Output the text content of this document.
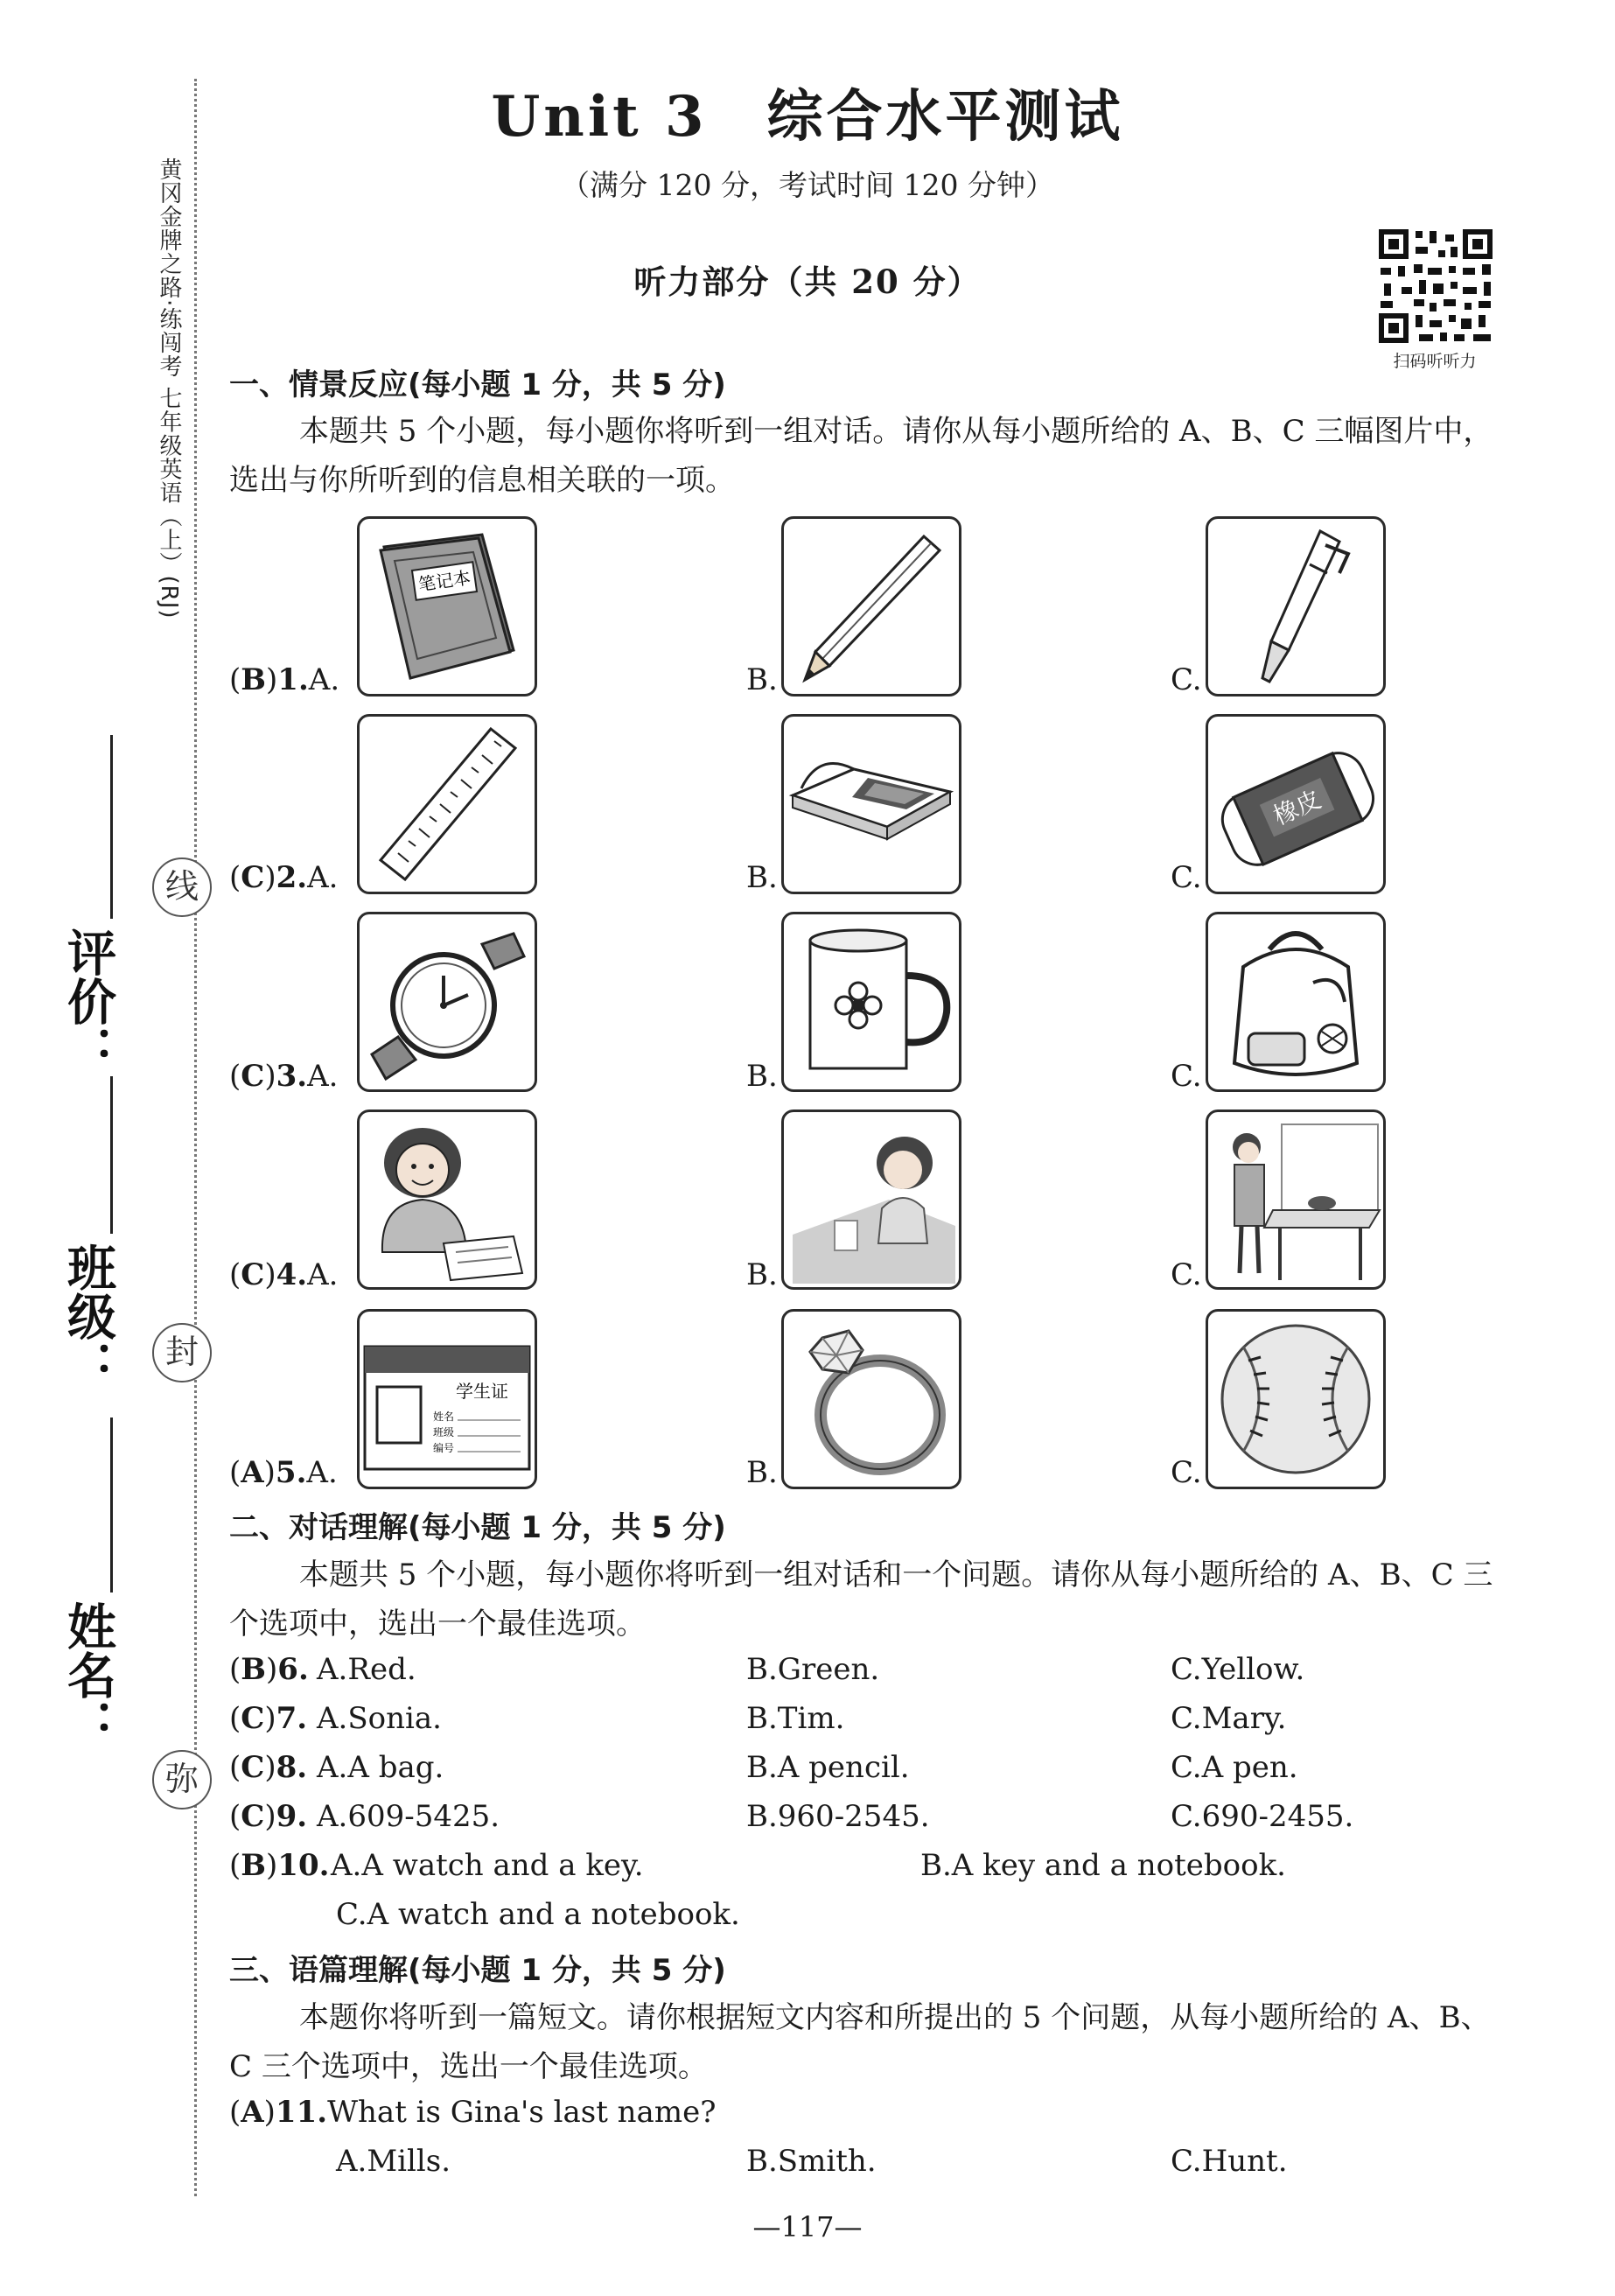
黄冈金牌之路·练闯考 七年级英语（上）(RJ)
线
封
弥
评价：
班级：
姓名：
Unit 3　综合水平测试
（满分 120 分，考试时间 120 分钟）
听力部分（共 20 分）
扫码听听力
一、情景反应(每小题 1 分，共 5 分)
本题共 5 个小题，每小题你将听到一组对话。请你从每小题所给的 A、B、C 三幅图片中，选出与你所听到的信息相关联的一项。
(B)1.A.
笔记本
B.	C.
(C)2.A.	B.	C.
橡皮
(C)3.A.	B.	C.
(C)4.A.	B.	C.
(A)5.A.
学生证
姓名
班级
编号
B.	C.
二、对话理解(每小题 1 分，共 5 分)
本题共 5 个小题，每小题你将听到一组对话和一个问题。请你从每小题所给的 A、B、C 三个选项中，选出一个最佳选项。
(B)6. A.Red.	B.Green.	C.Yellow.
(C)7. A.Sonia.	B.Tim.	C.Mary.
(C)8. A.A bag.	B.A pencil.	C.A pen.
(C)9. A.609-5425.	B.960-2545.	C.690-2455.
(B)10. A.A watch and a key.	B.A key and a notebook.
C.A watch and a notebook.
三、语篇理解(每小题 1 分，共 5 分)
本题你将听到一篇短文。请你根据短文内容和所提出的 5 个问题，从每小题所给的 A、B、C 三个选项中，选出一个最佳选项。
(A)11.What is Gina's last name?
A.Mills.	B.Smith.	C.Hunt.
—117—
